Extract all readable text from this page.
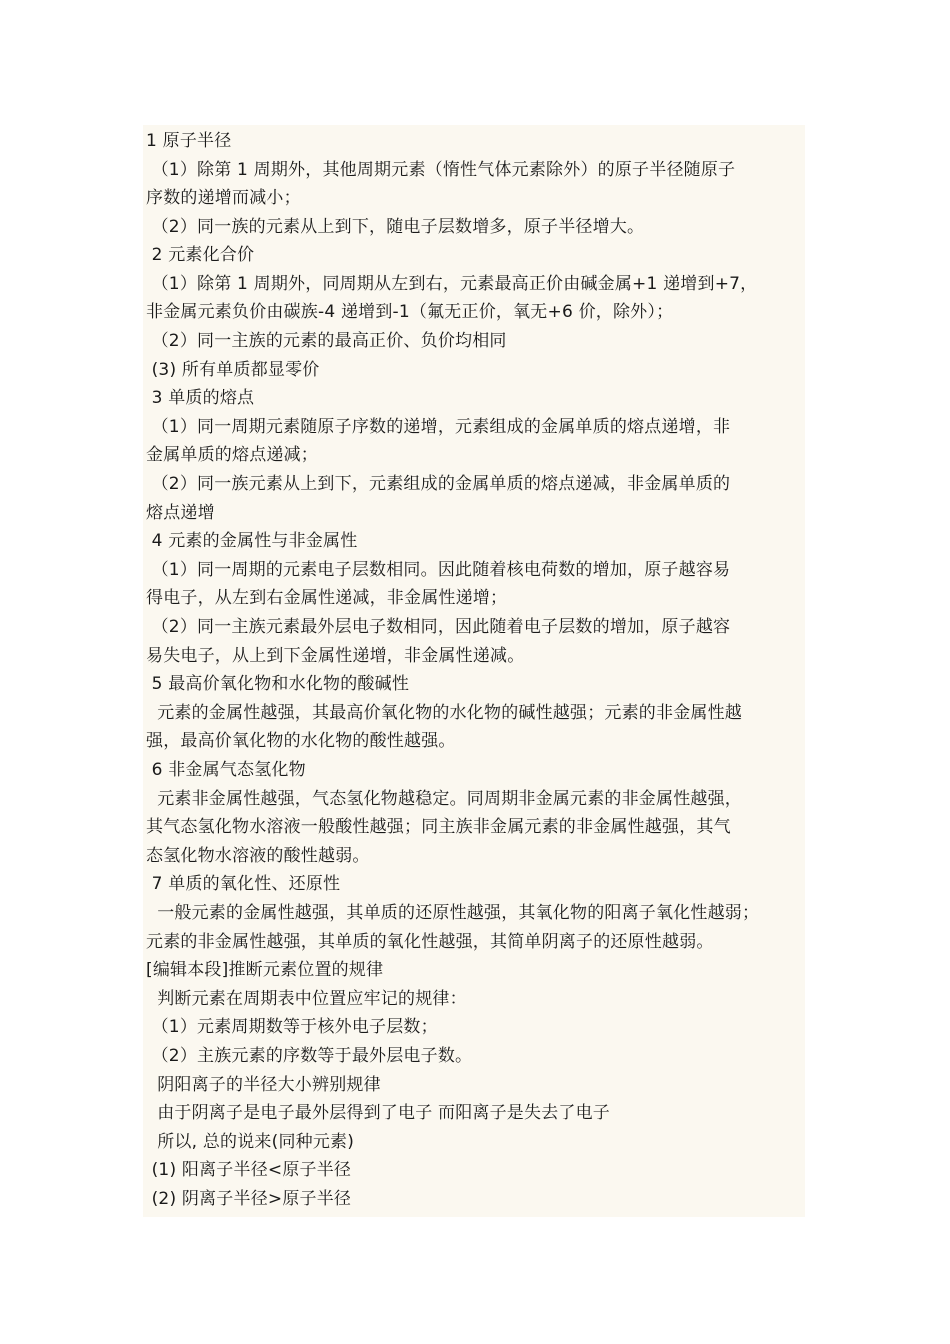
1 原子半径
（1）除第 1 周期外，其他周期元素（惰性气体元素除外）的原子半径随原子
序数的递增而减小；
（2）同一族的元素从上到下，随电子层数增多，原子半径增大。
2 元素化合价
（1）除第 1 周期外，同周期从左到右，元素最高正价由碱金属+1 递增到+7，
非金属元素负价由碳族-4 递增到-1（氟无正价，氧无+6 价，除外）；
（2）同一主族的元素的最高正价、负价均相同
(3) 所有单质都显零价
3 单质的熔点
（1）同一周期元素随原子序数的递增，元素组成的金属单质的熔点递增，非
金属单质的熔点递减；
（2）同一族元素从上到下，元素组成的金属单质的熔点递减，非金属单质的
熔点递增
4 元素的金属性与非金属性
（1）同一周期的元素电子层数相同。因此随着核电荷数的增加，原子越容易
得电子，从左到右金属性递减，非金属性递增；
（2）同一主族元素最外层电子数相同，因此随着电子层数的增加，原子越容
易失电子，从上到下金属性递增，非金属性递减。
5 最高价氧化物和水化物的酸碱性
元素的金属性越强，其最高价氧化物的水化物的碱性越强；元素的非金属性越
强，最高价氧化物的水化物的酸性越强。
6 非金属气态氢化物
元素非金属性越强，气态氢化物越稳定。同周期非金属元素的非金属性越强，
其气态氢化物水溶液一般酸性越强；同主族非金属元素的非金属性越强，其气
态氢化物水溶液的酸性越弱。
7 单质的氧化性、还原性
一般元素的金属性越强，其单质的还原性越强，其氧化物的阳离子氧化性越弱；
元素的非金属性越强，其单质的氧化性越强，其简单阴离子的还原性越弱。
[编辑本段]推断元素位置的规律
判断元素在周期表中位置应牢记的规律：
（1）元素周期数等于核外电子层数；
（2）主族元素的序数等于最外层电子数。
阴阳离子的半径大小辨别规律
由于阴离子是电子最外层得到了电子 而阳离子是失去了电子
所以, 总的说来(同种元素)
(1) 阳离子半径<原子半径
(2) 阴离子半径>原子半径
